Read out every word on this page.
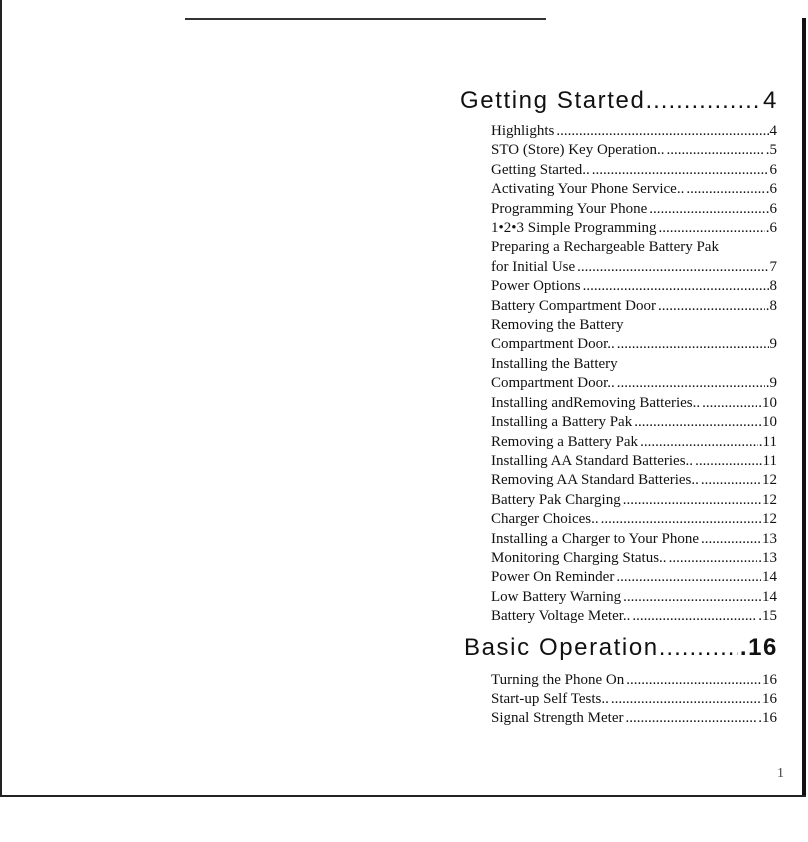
Getting Started .....	4
Highlights .....	4
STO (Store) Key Operation.. .....	.5
Getting Started.. .....	6
Activating Your Phone Service.. .....	.6
Programming Your Phone .....	.6
1•2•3 Simple Programming .....	.6
Preparing a Rechargeable Battery Pak
for Initial Use .....	7
Power Options .....	8
Battery Compartment Door .....	.8
Removing the Battery
Compartment Door.. .....	9
Installing the Battery
Compartment Door.. .....	.9
Installing andRemoving Batteries.. .....	.10
Installing a Battery Pak .....	.10
Removing a Battery Pak .....	.11
Installing AA Standard Batteries.. .....	.11
Removing AA Standard Batteries.. .....	12
Battery Pak Charging .....	12
Charger Choices.. .....	.12
Installing a Charger to Your Phone .....	13
Monitoring Charging Status.. .....	.13
Power On Reminder .....	14
Low Battery Warning .....	14
Battery Voltage Meter.. .....	.15
Basic Operation .....	.16
Turning the Phone On .....	16
Start-up Self Tests.. .....	16
Signal Strength Meter .....	.16
1
